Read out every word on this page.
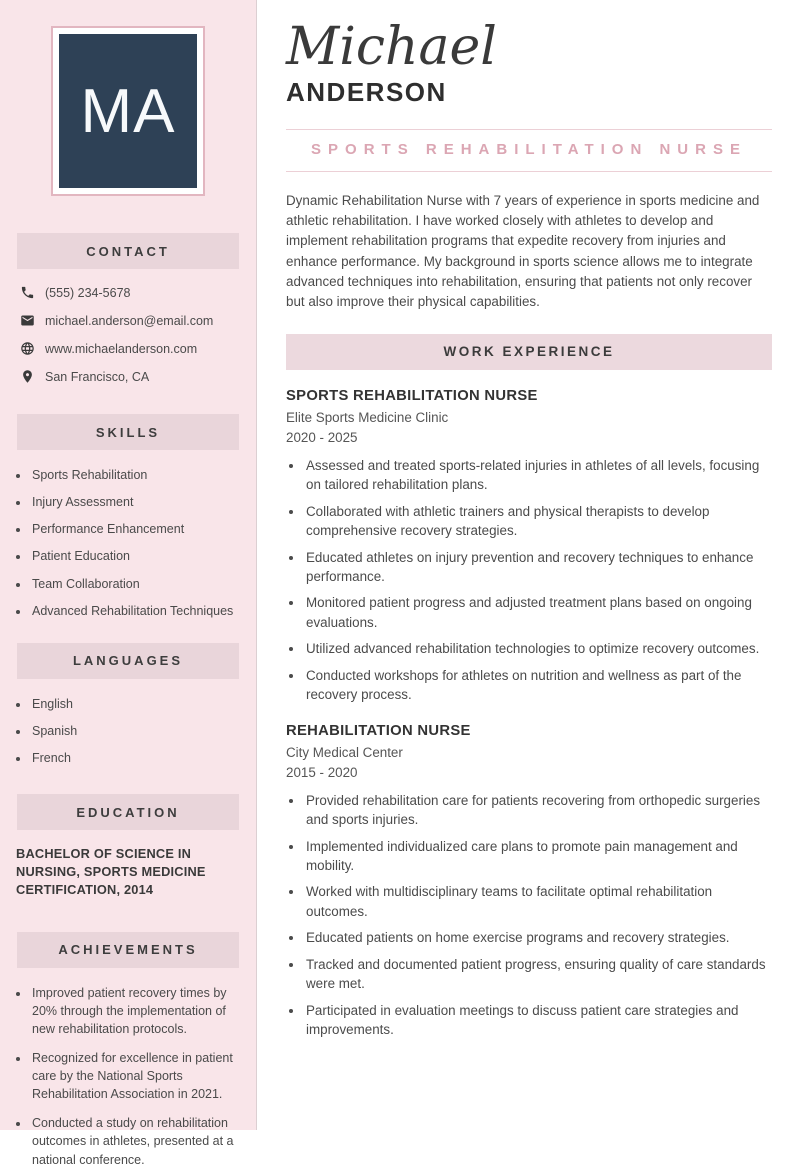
MA
CONTACT
(555) 234-5678
michael.anderson@email.com
www.michaelanderson.com
San Francisco, CA
SKILLS
• Sports Rehabilitation
• Injury Assessment
• Performance Enhancement
• Patient Education
• Team Collaboration
• Advanced Rehabilitation Techniques
LANGUAGES
• English
• Spanish
• French
EDUCATION
BACHELOR OF SCIENCE IN NURSING, SPORTS MEDICINE CERTIFICATION, 2014
ACHIEVEMENTS
• Improved patient recovery times by 20% through the implementation of new rehabilitation protocols.
• Recognized for excellence in patient care by the National Sports Rehabilitation Association in 2021.
• Conducted a study on rehabilitation outcomes in athletes, presented at a national conference.
Michael
ANDERSON
SPORTS REHABILITATION NURSE

Dynamic Rehabilitation Nurse with 7 years of experience in sports medicine and athletic rehabilitation. I have worked closely with athletes to develop and implement rehabilitation programs that expedite recovery from injuries and enhance performance. My background in sports science allows me to integrate advanced techniques into rehabilitation, ensuring that patients not only recover but also improve their physical capabilities.

WORK EXPERIENCE
SPORTS REHABILITATION NURSE
Elite Sports Medicine Clinic
2020 - 2025
• Assessed and treated sports-related injuries in athletes of all levels, focusing on tailored rehabilitation plans.
• Collaborated with athletic trainers and physical therapists to develop comprehensive recovery strategies.
• Educated athletes on injury prevention and recovery techniques to enhance performance.
• Monitored patient progress and adjusted treatment plans based on ongoing evaluations.
• Utilized advanced rehabilitation technologies to optimize recovery outcomes.
• Conducted workshops for athletes on nutrition and wellness as part of the recovery process.
REHABILITATION NURSE
City Medical Center
2015 - 2020
• Provided rehabilitation care for patients recovering from orthopedic surgeries and sports injuries.
• Implemented individualized care plans to promote pain management and mobility.
• Worked with multidisciplinary teams to facilitate optimal rehabilitation outcomes.
• Educated patients on home exercise programs and recovery strategies.
• Tracked and documented patient progress, ensuring quality of care standards were met.
• Participated in evaluation meetings to discuss patient care strategies and improvements.
